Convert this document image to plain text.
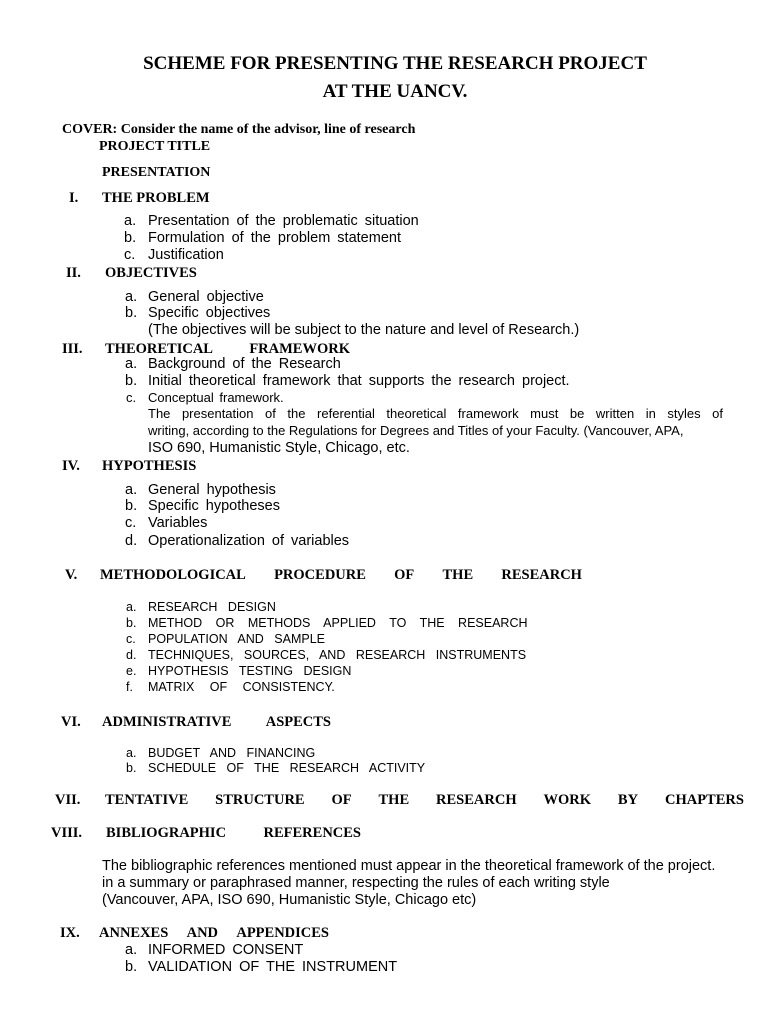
SCHEME FOR PRESENTING THE RESEARCH PROJECT
AT THE UANCV.
COVER: Consider the name of the advisor, line of research
PROJECT TITLE
PRESENTATION
I. THE PROBLEM
a. Presentation of the problematic situation
b. Formulation of the problem statement
c. Justification
II. OBJECTIVES
a. General objective
b. Specific objectives
(The objectives will be subject to the nature and level of Research.)
III. THEORETICAL	FRAMEWORK
a. Background of the Research
b. Initial theoretical framework that supports the research project.
c. Conceptual framework.
The presentation of the referential theoretical framework must be written in styles of
writing, according to the Regulations for Degrees and Titles of your Faculty. (Vancouver, APA,
ISO 690, Humanistic Style, Chicago, etc.
IV. HYPOTHESIS
a. General hypothesis
b. Specific hypotheses
c. Variables
d. Operationalization of variables
V. METHODOLOGICAL PROCEDURE OF THE RESEARCH
a. RESEARCH DESIGN
b. METHOD OR METHODS APPLIED TO THE RESEARCH
c. POPULATION AND SAMPLE
d. TECHNIQUES, SOURCES, AND RESEARCH INSTRUMENTS
e. HYPOTHESIS TESTING DESIGN
f. MATRIX OF CONSISTENCY.
VI. ADMINISTRATIVE ASPECTS
a. BUDGET AND FINANCING
b. SCHEDULE OF THE RESEARCH ACTIVITY
VII. TENTATIVE STRUCTURE OF THE RESEARCH WORK BY CHAPTERS
VIII. BIBLIOGRAPHIC	REFERENCES
The bibliographic references mentioned must appear in the theoretical framework of the project.
in a summary or paraphrased manner, respecting the rules of each writing style
(Vancouver, APA, ISO 690, Humanistic Style, Chicago etc)
IX. ANNEXES AND APPENDICES
a. INFORMED CONSENT
b. VALIDATION OF THE INSTRUMENT
